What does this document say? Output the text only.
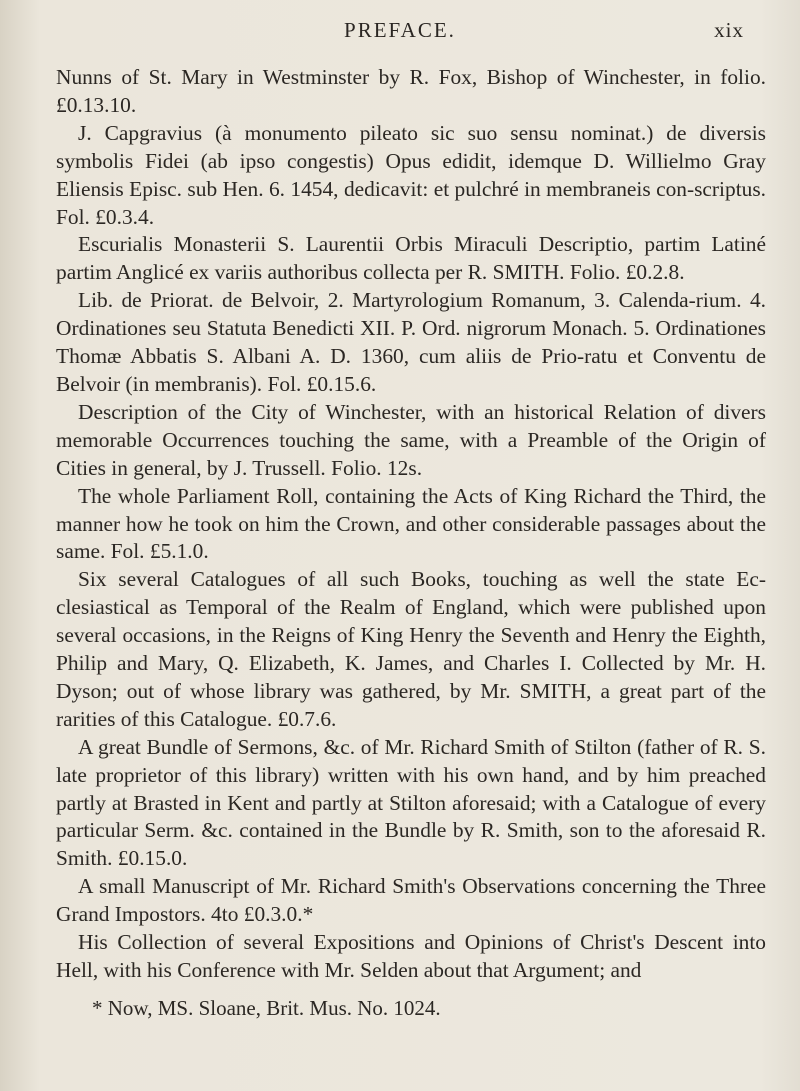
PREFACE.	xix

Nunns of St. Mary in Westminster by R. Fox, Bishop of Winchester, in folio. £0.13.10.

J. Capgravius (à monumento pileato sic suo sensu nominat.) de diversis symbolis Fidei (ab ipso congestis) Opus edidit, idemque D. Willielmo Gray Eliensis Episc. sub Hen. 6. 1454, dedicavit: et pulchré in membraneis con-scriptus. Fol. £0.3.4.

Escurialis Monasterii S. Laurentii Orbis Miraculi Descriptio, partim Latiné partim Anglicé ex variis authoribus collecta per R. SMITH. Folio. £0.2.8.

Lib. de Priorat. de Belvoir, 2. Martyrologium Romanum, 3. Calenda-rium. 4. Ordinationes seu Statuta Benedicti XII. P. Ord. nigrorum Monach. 5. Ordinationes Thomæ Abbatis S. Albani A. D. 1360, cum aliis de Prio-ratu et Conventu de Belvoir (in membranis). Fol. £0.15.6.

Description of the City of Winchester, with an historical Relation of divers memorable Occurrences touching the same, with a Preamble of the Origin of Cities in general, by J. Trussell. Folio. 12s.

The whole Parliament Roll, containing the Acts of King Richard the Third, the manner how he took on him the Crown, and other considerable passages about the same. Fol. £5.1.0.

Six several Catalogues of all such Books, touching as well the state Ec-clesiastical as Temporal of the Realm of England, which were published upon several occasions, in the Reigns of King Henry the Seventh and Henry the Eighth, Philip and Mary, Q. Elizabeth, K. James, and Charles I. Collected by Mr. H. Dyson; out of whose library was gathered, by Mr. SMITH, a great part of the rarities of this Catalogue. £0.7.6.

A great Bundle of Sermons, &c. of Mr. Richard Smith of Stilton (father of R. S. late proprietor of this library) written with his own hand, and by him preached partly at Brasted in Kent and partly at Stilton aforesaid; with a Catalogue of every particular Serm. &c. contained in the Bundle by R. Smith, son to the aforesaid R. Smith. £0.15.0.

A small Manuscript of Mr. Richard Smith's Observations concerning the Three Grand Impostors. 4to £0.3.0.*

His Collection of several Expositions and Opinions of Christ's Descent into Hell, with his Conference with Mr. Selden about that Argument; and

* Now, MS. Sloane, Brit. Mus. No. 1024.
